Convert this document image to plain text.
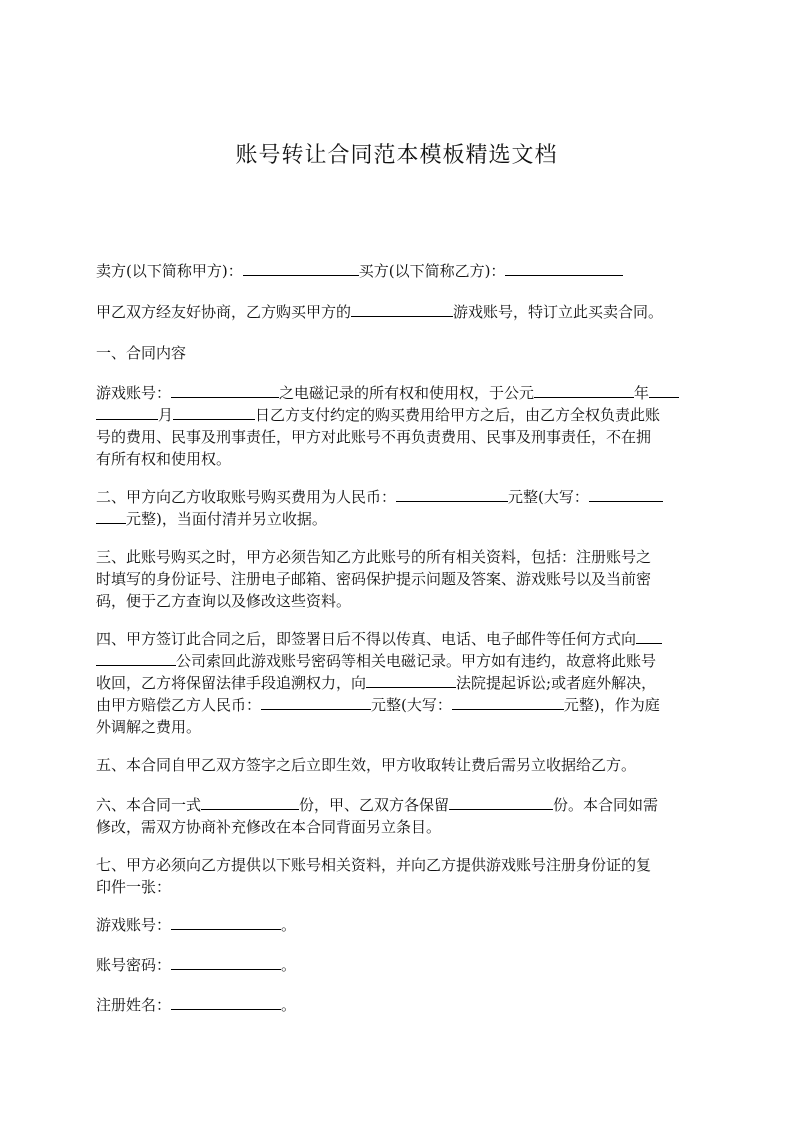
账号转让合同范本模板精选文档
卖方(以下简称甲方)：	买方(以下简称乙方)：
甲乙双方经友好协商，乙方购买甲方的	游戏账号，特订立此买卖合同。
一、合同内容
游戏账号：	之电磁记录的所有权和使用权，于公元	年
月	日乙方支付约定的购买费用给甲方之后，由乙方全权负责此账
号的费用、民事及刑事责任，甲方对此账号不再负责费用、民事及刑事责任，不在拥
有所有权和使用权。
二、甲方向乙方收取账号购买费用为人民币：	元整(大写：
元整)，当面付清并另立收据。
三、此账号购买之时，甲方必须告知乙方此账号的所有相关资料，包括：注册账号之
时填写的身份证号、注册电子邮箱、密码保护提示问题及答案、游戏账号以及当前密
码，便于乙方查询以及修改这些资料。
四、甲方签订此合同之后，即签署日后不得以传真、电话、电子邮件等任何方式向
公司索回此游戏账号密码等相关电磁记录。甲方如有违约，故意将此账号
收回，乙方将保留法律手段追溯权力，向	法院提起诉讼;或者庭外解决，
由甲方赔偿乙方人民币：	元整(大写：	元整)，作为庭
外调解之费用。
五、本合同自甲乙双方签字之后立即生效，甲方收取转让费后需另立收据给乙方。
六、本合同一式	份，甲、乙双方各保留	份。本合同如需
修改，需双方协商补充修改在本合同背面另立条目。
七、甲方必须向乙方提供以下账号相关资料，并向乙方提供游戏账号注册身份证的复
印件一张：
游戏账号：	。
账号密码：	。
注册姓名：	。
